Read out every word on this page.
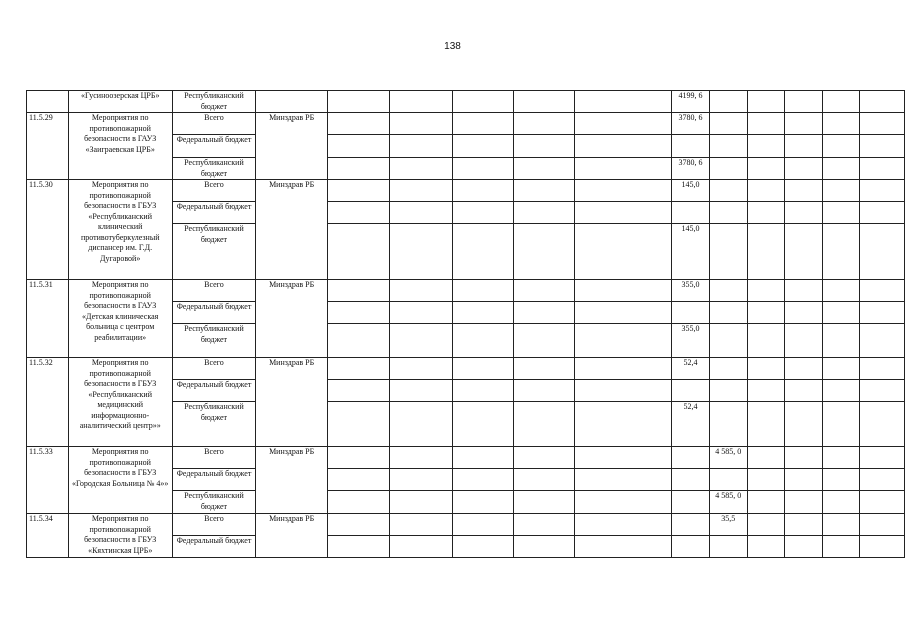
138
	«Гусиноозерская ЦРБ»	Республиканский бюджет							4199, 6					
11.5.29	Мероприятия по противопожарной безопасности в ГАУЗ «Заиграевская ЦРБ»	Всего	Минздрав РБ						3780, 6					
		Федеральный бюджет												
		Республиканский бюджет							3780, 6					
11.5.30	Мероприятия по противопожарной безопасности в ГБУЗ «Республиканский клинический противотуберкулезный диспансер им. Г.Д. Дугаровой»	Всего	Минздрав РБ						145,0					
		Федеральный бюджет												
		Республиканский бюджет							145,0					
11.5.31	Мероприятия по противопожарной безопасности в ГАУЗ «Детская клиническая больница с центром реабилитации»	Всего	Минздрав РБ						355,0					
		Федеральный бюджет												
		Республиканский бюджет							355,0					
11.5.32	Мероприятия по противопожарной безопасности в ГБУЗ «Республиканский медицинский информационно-аналитический центр»»	Всего	Минздрав РБ						52,4					
		Федеральный бюджет												
		Республиканский бюджет							52,4					
11.5.33	Мероприятия по противопожарной безопасности в ГБУЗ «Городская Больница № 4»»	Всего	Минздрав РБ							4 585, 0				
		Федеральный бюджет												
		Республиканский бюджет								4 585, 0				
11.5.34	Мероприятия по противопожарной безопасности в ГБУЗ «Кяхтинская ЦРБ»	Всего	Минздрав РБ							35,5				
		Федеральный бюджет												
